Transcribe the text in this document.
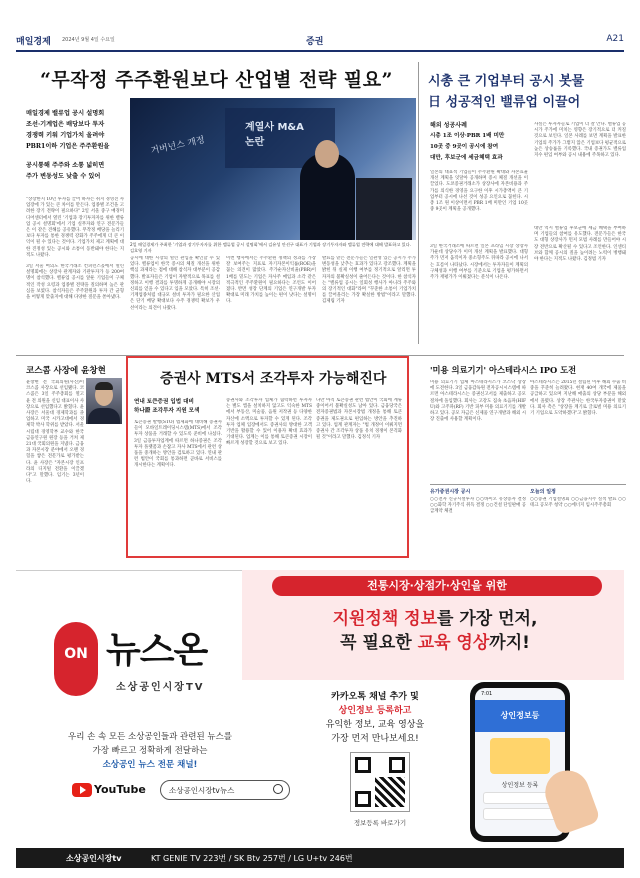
매일경제 2024년 9월 4일 수요일	증권	A21
“무작정 주주환원보다 산업별 전략 필요”
매일경제 밸류업 공시 설명회
조선·기계업은 배당보다 투자
경쟁력 키워 기업가치 올려야
PBR1이하 기업은 주주환원을
공시통해 주주와 소통 넓히면
주가 변동성도 낮출 수 있어
계열사 M&A
논란
거버넌스 개정
2일 매일경제가 주최한 '기업과 장기투자자를 위한 밸류업 공시 설명회'에서 김유성 안선구 대표가 기업과 장기투자자와 밸류업 전략에 대해 발표하고 있다. 김호영 기자
"상장한지 10년 투자를 끌어 하자는 취지 경영진 사업장에 가 있는 큰 차이를 만든다. 업종별 조건을 고려한 장기 전략이 필요하다" 2일 서울 중구 매경미디어센터에서 열린 '기업과 장기투자자를 위한 밸류업 공시 설명회'에서 기업 실무자와 연구 전문가들은 이 같은 견해를 공유했다. 무작정 배당을 늘리기보다 투자를 통한 경쟁력 강화가 주주에게 더 큰 이익이 될 수 있다는 것이다. 기업가치 제고 계획에 대한 진정성 있는 공시와 소통이 동반돼야 한다는 지적도 나왔다.
3일 서울 여의도 한국거래소 컨퍼런스홀에서 열린 설명회에는 상장사 관계자와 기관투자가 등 200여 명이 참석했다. 밸류업 공시를 앞둔 기업들이 구체적인 작성 요령과 업종별 전략을 질의하며 높은 관심을 보였다. 참석자들은 주주환원과 투자 간 균형을 어떻게 맞출지에 대해 다양한 질문을 쏟아냈다.
공시에 대한 시장의 열린 관심을 확인할 수 있었다. 밸류업이 한국 증시의 체질 개선을 위한 핵심 과제라는 점에 대해 참석자 대부분이 공감했다. 발표자들은 기업이 자발적으로 목표를 설정하고 이행 결과를 투명하게 공개해야 시장의 신뢰를 얻을 수 있다고 입을 모았다. 특히 조선·기계업종처럼 대규모 설비 투자가 필요한 산업은 단기 배당 확대보다 수주 경쟁력 확보가 우선이라는 의견이 나왔다.
이번 행사에서는 주주환원 정책의 성과를 가장 잘 보여주는 지표로 자기자본이익률(ROE)을 꼽는 의견이 많았다. 주가순자산비율(PBR)이 1배를 밑도는 기업은 자사주 매입과 소각 같은 적극적인 주주환원이 필요하다는 조언도 이어졌다. 반면 성장 단계의 기업은 연구개발 투자 확대로 미래 가치를 높이는 편이 낫다는 설명이다.
발표를 맡은 전문가들은 일관성 있는 공시가 주가 변동성을 낮추는 효과가 있다고 강조했다. 계획을 밝힌 뒤 실제 이행 여부를 정기적으로 알리면 투자자의 불확실성이 줄어든다는 것이다. 한 참석자는 "밸류업 공시는 일회성 행사가 아니라 주주와의 장기적인 대화"라며 "꾸준한 소통이 기업가치를 끌어올리는 가장 확실한 방법"이라고 말했다. 김제림 기자
시총 큰 기업부터 공시 봇물
日 성공적인 밸류업 이끌어
해외 성공사례
시총 1조 이상·PBR 1배 미만
10곳 중 9곳이 공시에 참여
대만, 후보군에 세금혜택 효과
일본의 대표적 기업들이 주주환원 확대와 자본효율 개선 계획을 잇달아 공개하며 증시 체질 개선을 이끌었다. 도쿄증권거래소가 상장사에 자본비용과 주가를 의식한 경영을 요구한 이후 시가총액이 큰 기업부터 공시에 나선 것이 성공 요인으로 꼽힌다. 시총 1조 원 이상이면서 PBR 1배 미만인 기업 10곳 중 9곳이 계획을 공개했다.
3일 한국거래소에 따르면 일본 프라임 시장 상장사 가운데 상당수가 이미 개선 계획을 발표했다. 대형주가 먼저 움직이자 중소형주도 뒤따라 공시에 나서는 흐름이 나타났다. 시장에서는 투자자들이 계획의 구체성과 이행 여부를 기준으로 기업을 평가하면서 주가 재평가가 이뤄졌다는 분석이 나온다.
사실은 투자자들로 기업이 더 잘 안다. 밸류업 공시가 주가에 미치는 영향은 장기적으로 더 커질 것으로 보인다. 일본 사례를 보면 계획을 발표한 기업의 주가가 그렇지 않은 기업보다 평균적으로 높은 상승률을 기록했다. 국내 증권가도 밸류업 지수 편입 여부와 공시 내용에 주목하고 있다.
대만 역시 밸류업 후보군에 세금 혜택을 부여하며 기업들의 참여를 유도했다. 전문가들은 한국도 대형 상장사가 먼저 모범 사례를 만들어야 시장 전반으로 확산될 수 있다고 조언한다. 인센티브와 함께 공시의 질을 높이려는 노력이 병행돼야 한다는 지적도 나왔다. 김정범 기자
코스콤 사장에 윤창현
윤창현 전 국회의원(사진)이 코스콤 사장으로 선임됐다. 코스콤은 3일 주주총회를 열고 윤 전 의원을 신임 대표이사 사장으로 선임했다고 밝혔다. 윤 사장은 서울대 경제학과를 졸업하고 미국 시카고대에서 경제학 박사 학위를 받았다. 서울시립대 경영학부 교수와 한국금융연구원 원장 등을 거쳐 제21대 국회의원을 지냈다. 금융과 자본시장 분야에서 오랜 경험을 쌓은 전문가로 평가받는다. 윤 사장은 "자본시장 인프라의 디지털 전환을 이끌겠다"고 말했다. 임기는 3년이다.
증권사 MTS서 조각투자 가능해진다
연내 토큰증권 입법 대비
하나證 조각투자 지원 모색
토큰증권 발행(STO) 법제화에 대비해 증권사들이 모바일트레이딩시스템(MTS)에서 조각투자 상품을 거래할 수 있도록 준비에 나섰다. 3일 금융투자업계에 따르면 하나증권은 조각투자 플랫폼과 손잡고 자사 MTS에서 관련 상품을 중개하는 방안을 검토하고 있다. 연내 관련 법안이 국회를 통과하면 곧바로 서비스를 개시한다는 계획이다.
증권사와 조각투자 업체가 협력하면 투자자는 별도 앱을 설치하지 않고도 익숙한 MTS에서 부동산, 미술품, 음원 저작권 등 다양한 자산에 소액으로 투자할 수 있게 된다. 조각투자 업체 입장에서도 증권사의 방대한 고객 기반을 활용할 수 있어 이용자 확대 효과가 기대된다. 업계는 이를 통해 토큰증권 시장이 빠르게 성장할 것으로 보고 있다.
다만 아직 토큰증권 관련 법안이 국회에 계류 중이어서 불확실성도 남아 있다. 금융당국은 전자증권법과 자본시장법 개정을 통해 토큰증권을 제도권으로 편입하는 방안을 추진하고 있다. 업계 관계자는 "법 개정이 이뤄지면 증권사 간 조각투자 상품 유치 경쟁이 본격화될 것"이라고 말했다. 김정석 기자
'미용 의료기기' 아스테라시스 IPO 도전
미용 의료기기 업체 아스테라시스가 코스닥 상장에 도전한다. 3일 금융감독원 전자공시시스템에 따르면 아스테라시스는 증권신고서를 제출하고 공모 절차에 돌입했다. 회사는 고강도 집속 초음파(HIFU)와 고주파(RF) 기반 피부 미용 의료기기를 개발하고 있다. 공모 자금은 신제품 연구개발과 해외 시장 진출에 사용할 계획이다.
아스테라시스는 2015년 설립된 이후 해외 수출 비중을 꾸준히 늘려왔다. 현재 40여 개국에 제품을 공급하고 있으며 지난해 매출의 상당 부분을 해외에서 올렸다. 상장 주관사는 한국투자증권이 맡았다. 회사 측은 "상장을 계기로 글로벌 미용 의료기기 기업으로 도약하겠다"고 밝혔다.
유가증권시장 공시
○○전자 신규시설투자 ○○바이오 유상증자 결정 ○○화학 자기주식 취득 결정 ○○건설 단일판매 공급계약 체결
오늘의 일정
○○증권 기업설명회 ○○금융지주 실적 발표 ○○테크 공모주 청약 ○○에너지 임시주주총회
전통시장·상점가·상인을 위한
지원정책 정보를 가장 먼저,
꼭 필요한 교육 영상까지!
ON 뉴스온
소상공인시장TV
우리 손 속 모든 소상공인들과 관련된 뉴스를
가장 빠르고 정확하게 전달하는
소상공인 뉴스 전문 채널!
YouTube	소상공인시장tv뉴스
카카오톡 채널 추가 및
상인정보 등록하고
유익한 정보, 교육 영상을
가장 먼저 만나보세요!
정보등록 바로가기
7:01
상인정보등
상인정보 등록
소상공인시장tv	KT GENIE TV 223번 / SK Btv 257번 / LG U+tv 246번
